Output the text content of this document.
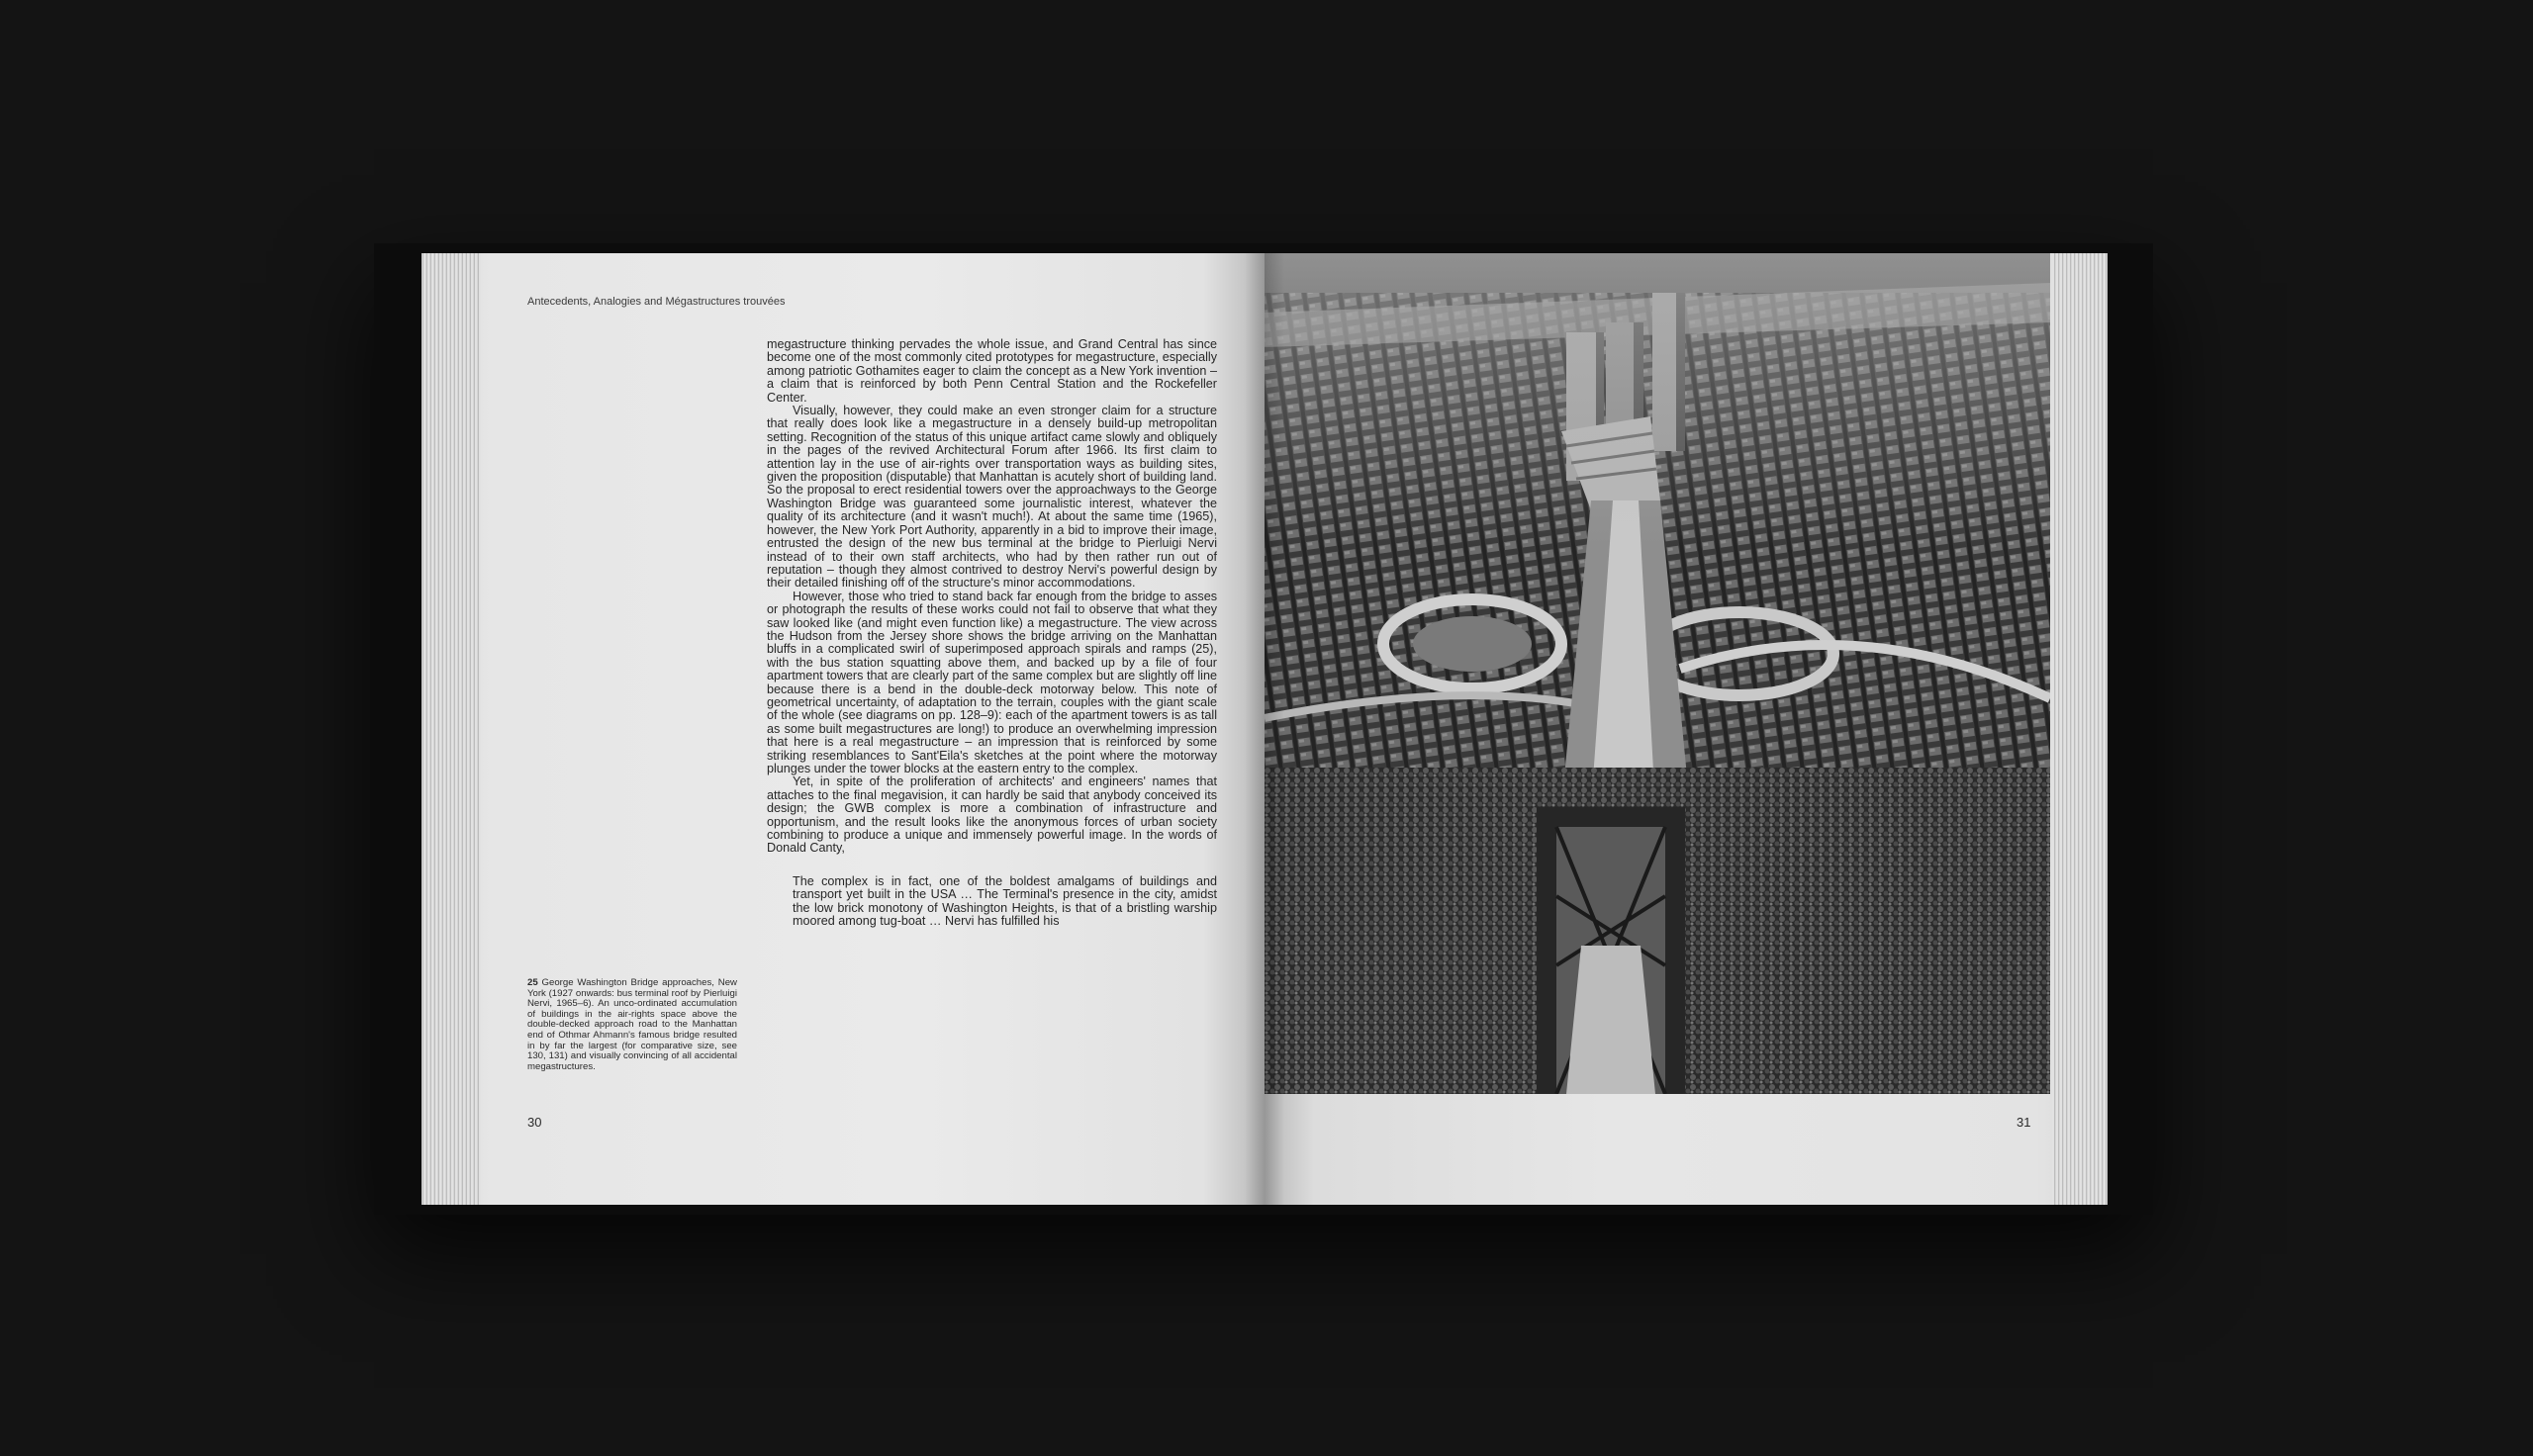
Antecedents, Analogies and Mégastructures trouvées

megastructure thinking pervades the whole issue, and Grand Central has since become one of the most commonly cited prototypes for megastructure, especially among patriotic Gothamites eager to claim the concept as a New York invention – a claim that is reinforced by both Penn Central Station and the Rockefeller Center.

Visually, however, they could make an even stronger claim for a structure that really does look like a megastructure in a densely build-up metropolitan setting. Recognition of the status of this unique artifact came slowly and obliquely in the pages of the revived Architectural Forum after 1966. Its first claim to attention lay in the use of air-rights over transportation ways as building sites, given the proposition (disputable) that Manhattan is acutely short of building land. So the proposal to erect residential towers over the approachways to the George Washington Bridge was guaranteed some journalistic interest, whatever the quality of its architecture (and it wasn't much!). At about the same time (1965), however, the New York Port Authority, apparently in a bid to improve their image, entrusted the design of the new bus terminal at the bridge to Pierluigi Nervi instead of to their own staff architects, who had by then rather run out of reputation – though they almost contrived to destroy Nervi's powerful design by their detailed finishing off of the structure's minor accommodations.

However, those who tried to stand back far enough from the bridge to asses or photograph the results of these works could not fail to observe that what they saw looked like (and might even function like) a megastructure. The view across the Hudson from the Jersey shore shows the bridge arriving on the Manhattan bluffs in a complicated swirl of superimposed approach spirals and ramps (25), with the bus station squatting above them, and backed up by a file of four apartment towers that are clearly part of the same complex but are slightly off line because there is a bend in the double-deck motorway below. This note of geometrical uncertainty, of adaptation to the terrain, couples with the giant scale of the whole (see diagrams on pp. 128–9): each of the apartment towers is as tall as some built megastructures are long!) to produce an overwhelming impression that here is a real megastructure – an impression that is reinforced by some striking resemblances to Sant'Eila's sketches at the point where the motorway plunges under the tower blocks at the eastern entry to the complex.

Yet, in spite of the proliferation of architects' and engineers' names that attaches to the final megavision, it can hardly be said that anybody conceived its design; the GWB complex is more a combination of infrastructure and opportunism, and the result looks like the anonymous forces of urban society combining to produce a unique and immensely powerful image. In the words of Donald Canty,

The complex is in fact, one of the boldest amalgams of buildings and transport yet built in the USA … The Terminal's presence in the city, amidst the low brick monotony of Washington Heights, is that of a bristling warship moored among tug-boat … Nervi has fulfilled his
25 George Washington Bridge approaches, New York (1927 onwards: bus terminal roof by Pierluigi Nervi, 1965–6). An unco-ordinated accumulation of buildings in the air-rights space above the double-decked approach road to the Manhattan end of Othmar Ahmann's famous bridge resulted in by far the largest (for comparative size, see 130, 131) and visually convincing of all accidental megastructures.
30	31
